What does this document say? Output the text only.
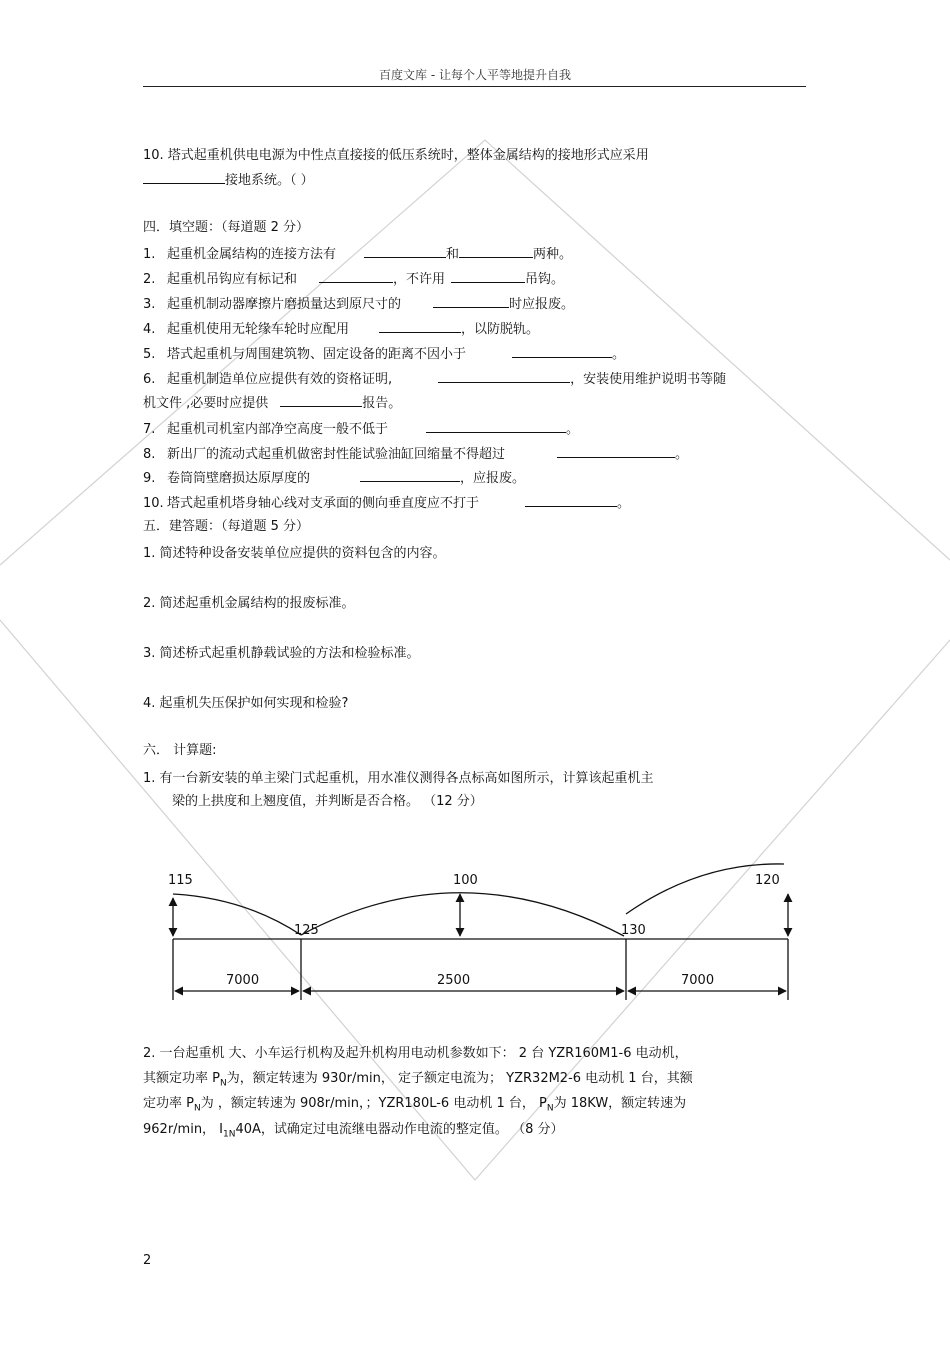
百度文库 - 让每个人平等地提升自我
10. 塔式起重机供电电源为中性点直接接的低压系统时，整体金属结构的接地形式应采用
接地系统。（ ）
四．填空题：（每道题 2 分）
1. 起重机金属结构的连接方法有	和	两种。
2. 起重机吊钩应有标记和	，不许用	吊钩。
3. 起重机制动器摩擦片磨损量达到原尺寸的	时应报废。
4. 起重机使用无轮缘车轮时应配用	，以防脱轨。
5. 塔式起重机与周围建筑物、固定设备的距离不因小于	。
6. 起重机制造单位应提供有效的资格证明,	，安装使用维护说明书等随
机文件 ,必要时应提供	报告。
7. 起重机司机室内部净空高度一般不低于	。
8. 新出厂的流动式起重机做密封性能试验油缸回缩量不得超过	。
9. 卷筒筒壁磨损达原厚度的	，应报废。
10. 塔式起重机塔身轴心线对支承面的侧向垂直度应不打于	。
五．建答题：（每道题 5 分）
1. 简述特种设备安装单位应提供的资料包含的内容。
2. 简述起重机金属结构的报废标准。
3. 简述桥式起重机静载试验的方法和检验标准。
4. 起重机失压保护如何实现和检验?
六． 计算题:
1. 有一台新安装的单主梁门式起重机，用水准仪测得各点标高如图所示，计算该起重机主
梁的上拱度和上翘度值，并判断是否合格。 （12 分）
115
125
100
130
120
7000	2500	7000
2. 一台起重机 大、小车运行机构及起升机构用电动机参数如下： 2 台 YZR160M1-6 电动机，
其额定功率 $P_N$为，额定转速为 930r/min， 定子额定电流为； YZR32M2-6 电动机 1 台，其额
定功率 $P_N$为 ，额定转速为 908r/min，；YZR180L-6 电动机 1 台， $P_N$为 18KW，额定转速为
962r/min， $I_{1N}40A$，试确定过电流继电器动作电流的整定值。 （8 分）
2
